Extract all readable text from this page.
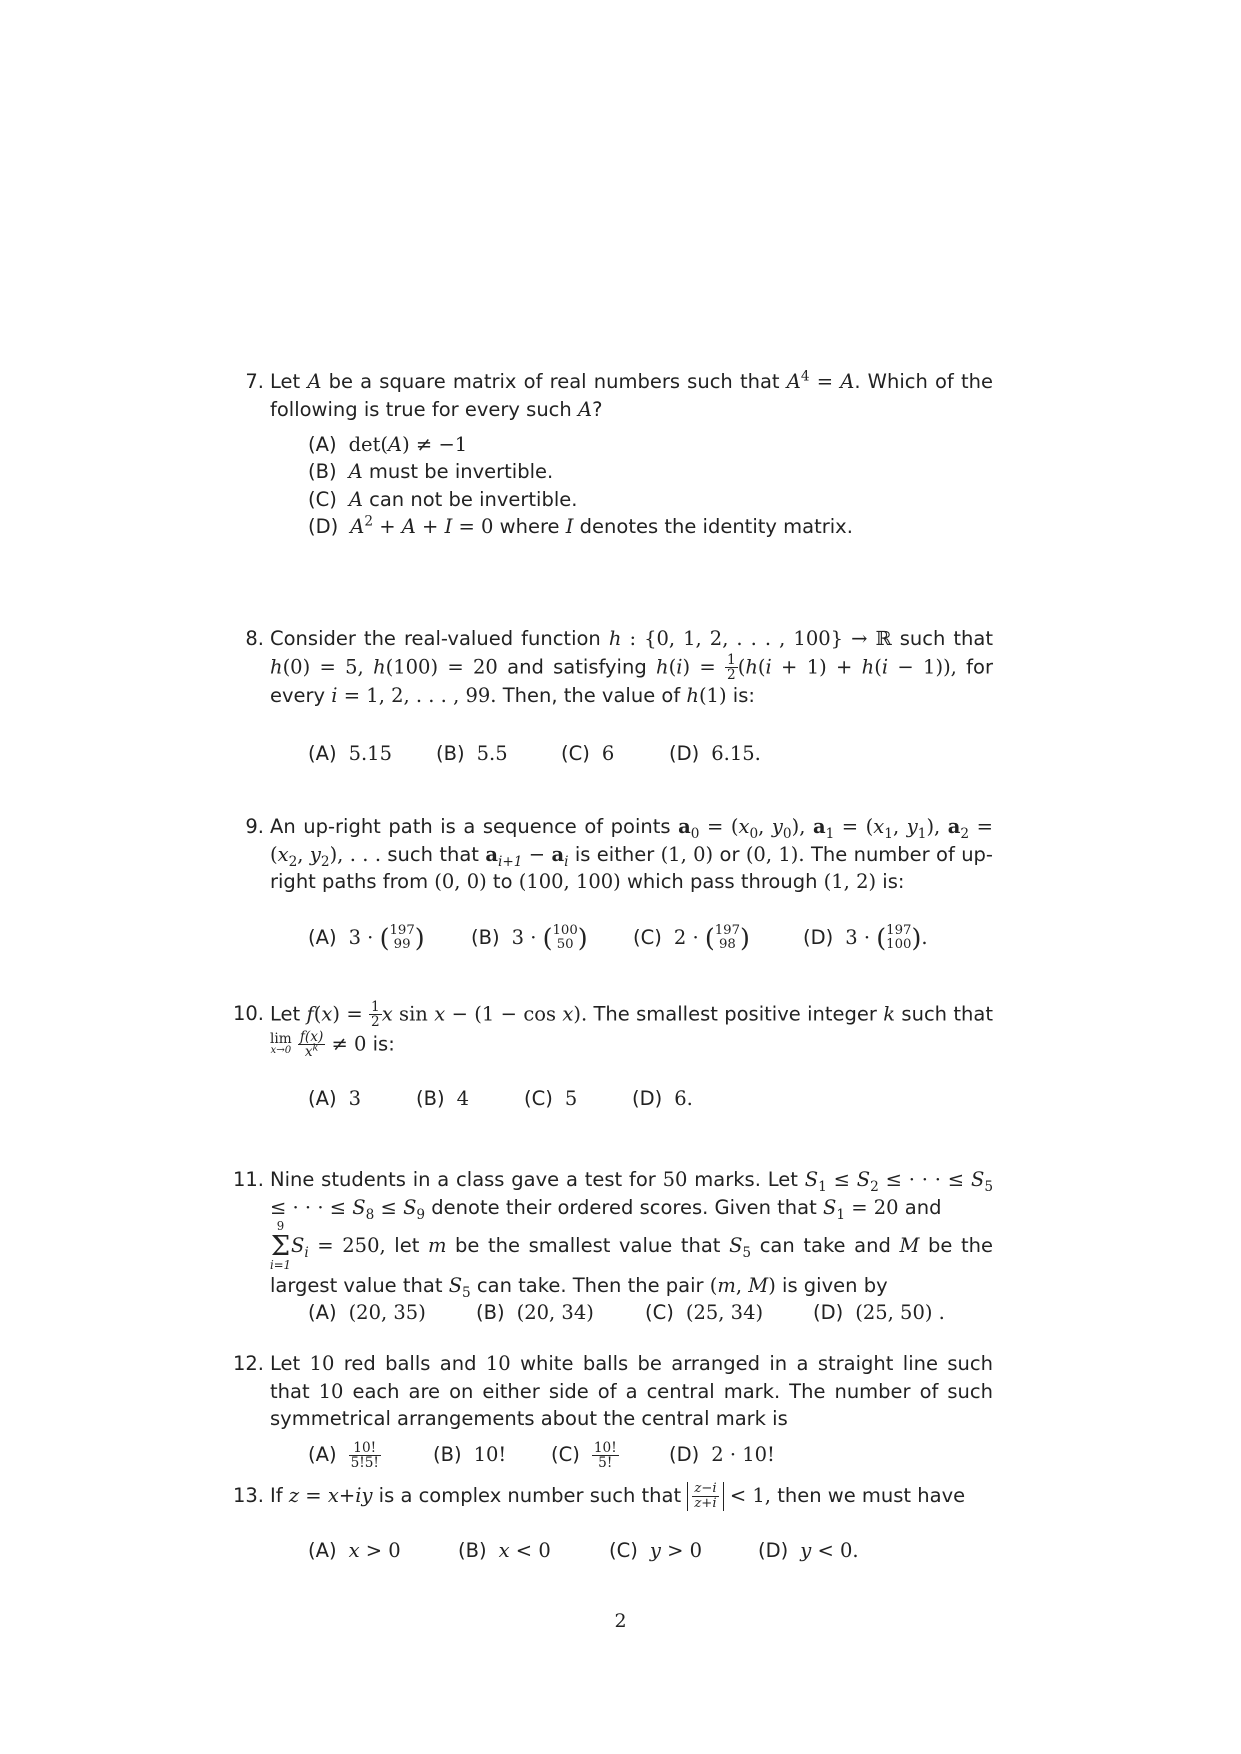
7. Let A be a square matrix of real numbers such that $A^4 = A$. Which of the following is true for every such A?
(A) det(A) ≠ −1
(B) A must be invertible.
(C) A can not be invertible.
(D) $A^2 + A + I = 0$ where I denotes the identity matrix.
8. Consider the real-valued function h : {0, 1, 2, . . . , 100} → ℝ such that h(0) = 5, h(100) = 20 and satisfying $h(i) = \frac{1}{2} (h(i + 1) + h(i - 1))$, for every i = 1, 2, . . . , 99. Then, the value of h(1) is:
(A) 5.15	(B) 5.5	(C) 6	(D) 6.15.
9. An up-right path is a sequence of points $a_0 = (x_0$, $y_0$), $a_1 = (x_1$, $y_1$), $a_2 = (x_2$, $y_2$), . . . such that $a_{i+1} - a_i$ is either (1, 0) or (0, 1). The number of up-right paths from (0, 0) to (100, 100) which pass through (1, 2) is:
(A) 3 · ( 197
99 )	(B) 3 · ( 100
50 )	(C) 2 · ( 197
98 )	(D) 3 · ( 197
100 ).
10. Let $f(x) = \frac{1}{2}$ x sin x − (1 − cos x). The smallest positive integer k such that
lim
x→0
$\frac{f(x)}{x^k} \ne 0$ is:
(A) 3	(B) 4	(C) 5	(D) 6.
11. Nine students in a class gave a test for 50 marks. Let $S_1 \le S_2$ ≤ · · · ≤ $S_5$ ≤ · · · ≤ $S_8 \le S_9$ denote their ordered scores. Given that $S_1 = 20$ and

9
Σ
i=1
$S_i = 250$, let m be the smallest value that $S_5$ can take and M be the largest value that $S_5$ can take. Then the pair (m, M) is given by
(A) (20, 35)	(B) (20, 34)	(C) (25, 34)	(D) (25, 50) .
12. Let 10 red balls and 10 white balls be arranged in a straight line such that 10 each are on either side of a central mark. The number of such symmetrical arrangements about the central mark is
$(A) \frac{10!}{5!5!}$	(B) 10!	$(C) \frac{10!}{5!}$	(D) 2 · 10!
13. If z = x+iy is a complex number such that $\frac{z-i}{z+i} < 1$, then we must have
(A) x > 0	(B) x < 0	(C) y > 0	(D) y < 0.
2
